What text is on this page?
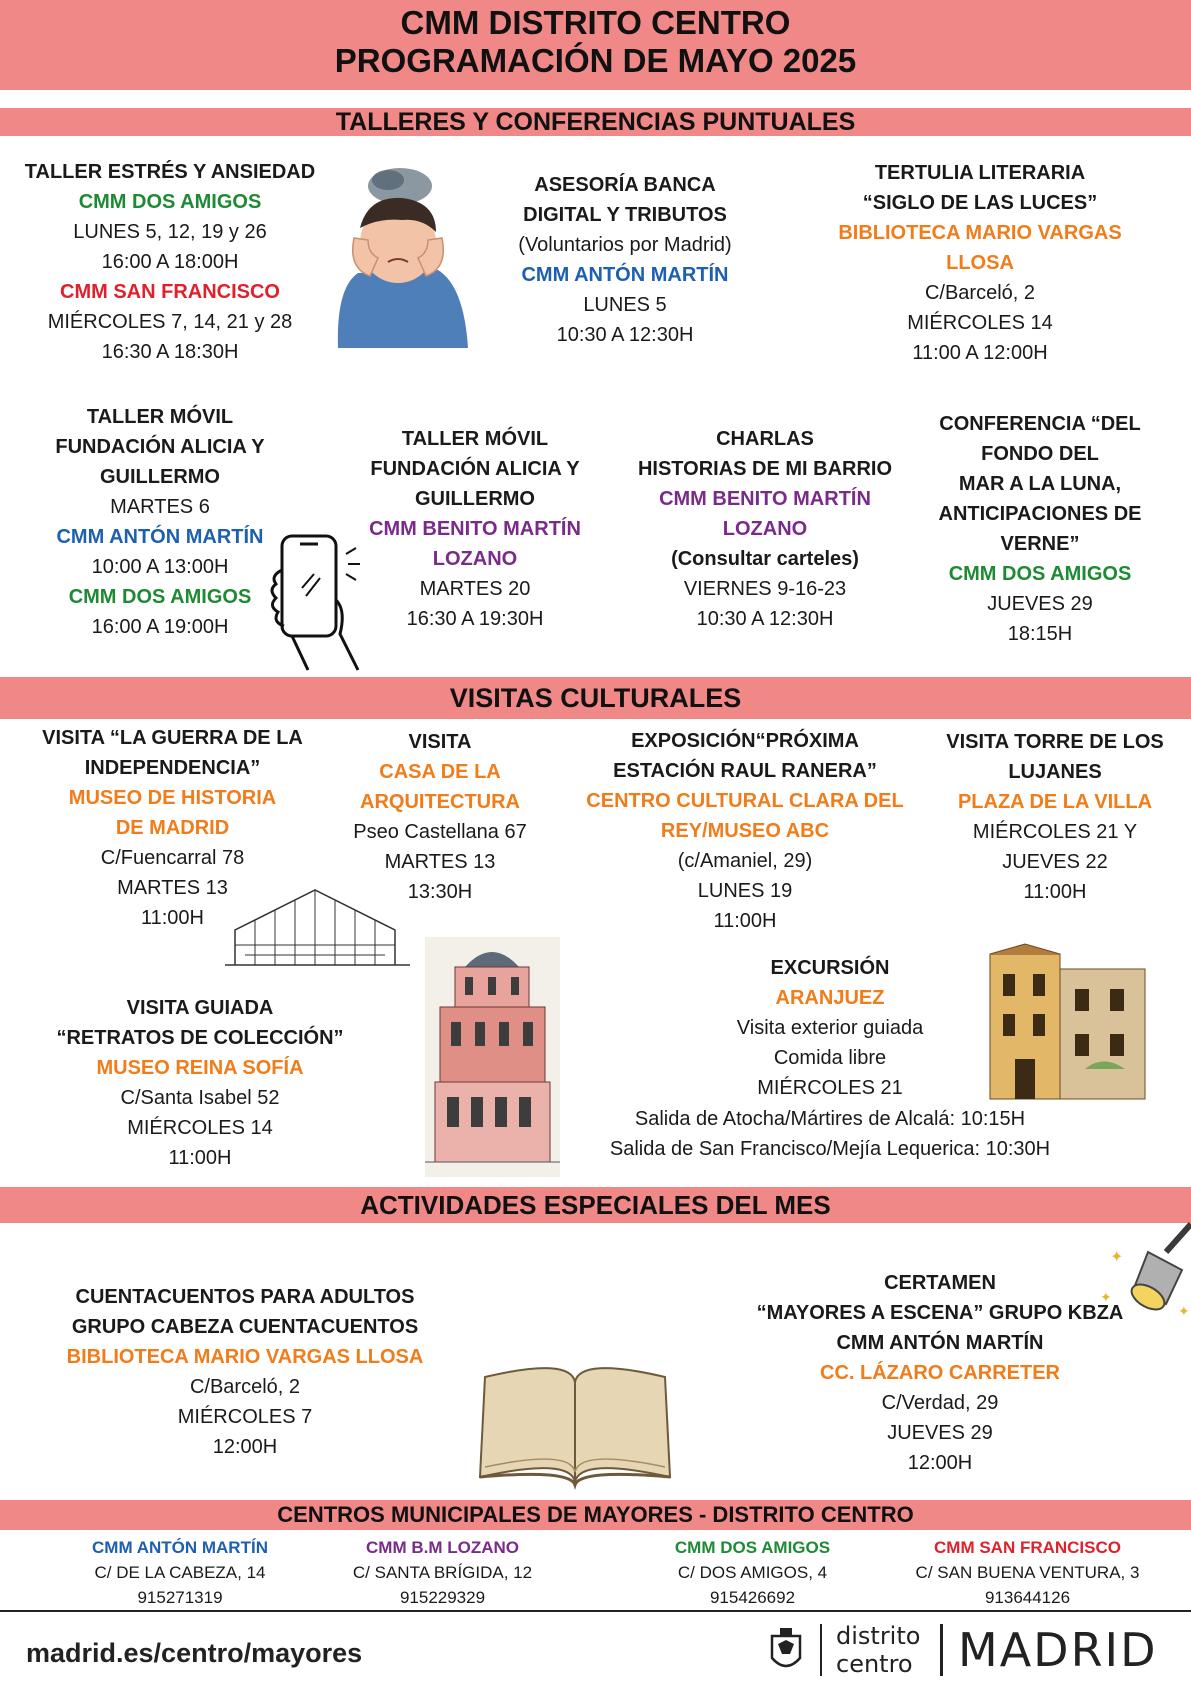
CMM DISTRITO CENTRO
PROGRAMACIÓN DE MAYO 2025
TALLERES Y CONFERENCIAS PUNTUALES
TALLER ESTRÉS Y ANSIEDAD
CMM DOS AMIGOS
LUNES 5, 12, 19 y 26
16:00 A 18:00H
CMM SAN FRANCISCO
MIÉRCOLES 7, 14, 21 y 28
16:30 A 18:30H
ASESORÍA BANCA
DIGITAL Y TRIBUTOS
(Voluntarios por Madrid)
CMM ANTÓN MARTÍN
LUNES 5
10:30 A 12:30H
TERTULIA LITERARIA
“SIGLO DE LAS LUCES”
BIBLIOTECA MARIO VARGAS
LLOSA
C/Barceló, 2
MIÉRCOLES 14
11:00 A 12:00H
TALLER MÓVIL
FUNDACIÓN ALICIA Y
GUILLERMO
MARTES 6
CMM ANTÓN MARTÍN
10:00 A 13:00H
CMM DOS AMIGOS
16:00 A 19:00H
TALLER MÓVIL
FUNDACIÓN ALICIA Y
GUILLERMO
CMM BENITO MARTÍN
LOZANO
MARTES 20
16:30 A 19:30H
CHARLAS
HISTORIAS DE MI BARRIO
CMM BENITO MARTÍN
LOZANO
(Consultar carteles)
VIERNES 9-16-23
10:30 A 12:30H
CONFERENCIA “DEL
FONDO DEL
MAR A LA LUNA,
ANTICIPACIONES DE
VERNE”
CMM DOS AMIGOS
JUEVES 29
18:15H
VISITAS CULTURALES
VISITA “LA GUERRA DE LA
INDEPENDENCIA”
MUSEO DE HISTORIA
DE MADRID
C/Fuencarral 78
MARTES 13
11:00H
VISITA
CASA DE LA
ARQUITECTURA
Pseo Castellana 67
MARTES 13
13:30H
EXPOSICIÓN“PRÓXIMA
ESTACIÓN RAUL RANERA”
CENTRO CULTURAL CLARA DEL
REY/MUSEO ABC
(c/Amaniel, 29)
LUNES 19
11:00H
VISITA TORRE DE LOS
LUJANES
PLAZA DE LA VILLA
MIÉRCOLES 21 Y
JUEVES 22
11:00H
VISITA GUIADA
“RETRATOS DE COLECCIÓN”
MUSEO REINA SOFÍA
C/Santa Isabel 52
MIÉRCOLES 14
11:00H
EXCURSIÓN
ARANJUEZ
Visita exterior guiada
Comida libre
MIÉRCOLES 21
Salida de Atocha/Mártires de Alcalá: 10:15H
Salida de San Francisco/Mejía Lequerica: 10:30H
ACTIVIDADES ESPECIALES DEL MES
CUENTACUENTOS PARA ADULTOS
GRUPO CABEZA CUENTACUENTOS
BIBLIOTECA MARIO VARGAS LLOSA
C/Barceló, 2
MIÉRCOLES 7
12:00H
CERTAMEN
“MAYORES A ESCENA” GRUPO KBZA
CMM ANTÓN MARTÍN
CC. LÁZARO CARRETER
C/Verdad, 29
JUEVES 29
12:00H
✦
✦
✦
CENTROS MUNICIPALES DE MAYORES - DISTRITO CENTRO
CMM ANTÓN MARTÍN
C/ DE LA CABEZA, 14
915271319
CMM B.M LOZANO
C/ SANTA BRÍGIDA, 12
915229329
CMM DOS AMIGOS
C/ DOS AMIGOS, 4
915426692
CMM SAN FRANCISCO
C/ SAN BUENA VENTURA, 3
913644126
madrid.es/centro/mayores
distrito
centro MADRID
